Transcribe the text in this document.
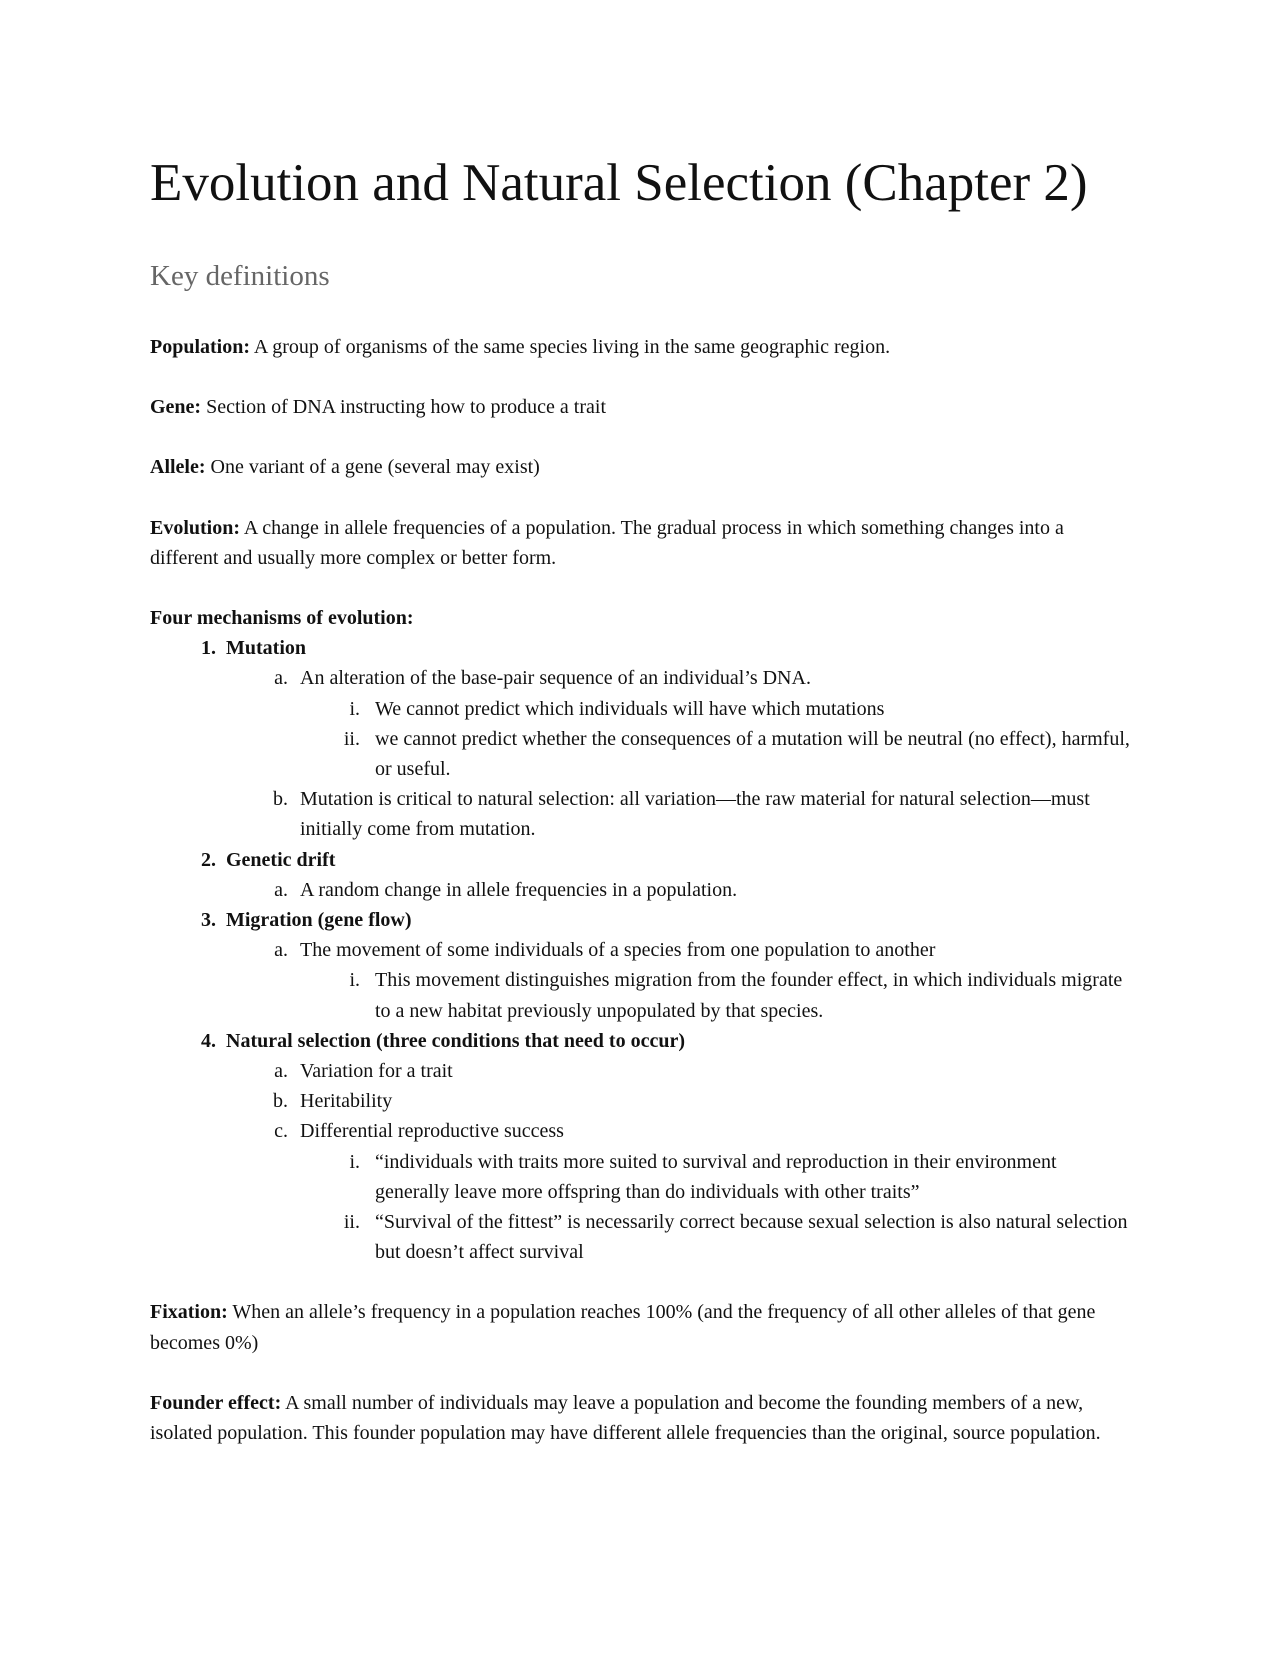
Evolution and Natural Selection (Chapter 2)
Key definitions

Population: A group of organisms of the same species living in the same geographic region.

Gene: Section of DNA instructing how to produce a trait

Allele: One variant of a gene (several may exist)

Evolution: A change in allele frequencies of a population. The gradual process in which something changes into a different and usually more complex or better form.

Four mechanisms of evolution:

1. Mutation
a. An alteration of the base-pair sequence of an individual’s DNA.
i. We cannot predict which individuals will have which mutations
ii. we cannot predict whether the consequences of a mutation will be neutral (no effect), harmful, or useful.
b. Mutation is critical to natural selection: all variation—the raw material for natural selection—must initially come from mutation.
2. Genetic drift
a. A random change in allele frequencies in a population.
3. Migration (gene flow)
a. The movement of some individuals of a species from one population to another
i. This movement distinguishes migration from the founder effect, in which individuals migrate to a new habitat previously unpopulated by that species.
4. Natural selection (three conditions that need to occur)
a. Variation for a trait
b. Heritability
c. Differential reproductive success
i. “individuals with traits more suited to survival and reproduction in their environment generally leave more offspring than do individuals with other traits”
ii. “Survival of the fittest” is necessarily correct because sexual selection is also natural selection but doesn’t affect survival

Fixation: When an allele’s frequency in a population reaches 100% (and the frequency of all other alleles of that gene becomes 0%)

Founder effect: A small number of individuals may leave a population and become the founding members of a new, isolated population. This founder population may have different allele frequencies than the original, source population.
